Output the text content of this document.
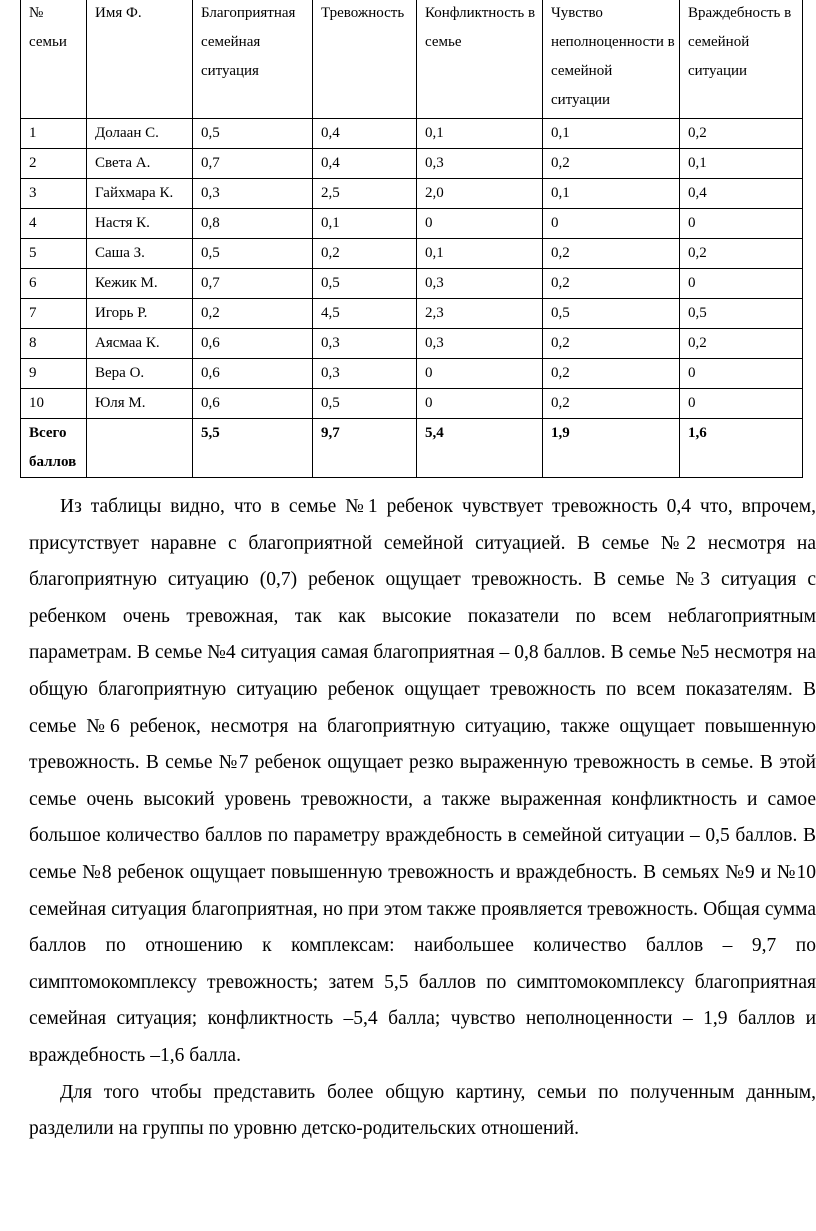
№ семьи	Имя Ф.	Благоприятная семейная ситуация	Тревожность	Конфликтность в семье	Чувство неполноценности в семейной ситуации	Враждебность в семейной ситуации
1	Долаан С.	0,5	0,4	0,1	0,1	0,2
2	Света А.	0,7	0,4	0,3	0,2	0,1
3	Гайхмара К.	0,3	2,5	2,0	0,1	0,4
4	Настя К.	0,8	0,1	0	0	0
5	Саша З.	0,5	0,2	0,1	0,2	0,2
6	Кежик М.	0,7	0,5	0,3	0,2	0
7	Игорь Р.	0,2	4,5	2,3	0,5	0,5
8	Аясмаа К.	0,6	0,3	0,3	0,2	0,2
9	Вера О.	0,6	0,3	0	0,2	0
10	Юля М.	0,6	0,5	0	0,2	0
Всего баллов		5,5	9,7	5,4	1,9	1,6

Из таблицы видно, что в семье №1 ребенок чувствует тревожность 0,4 что, впрочем, присутствует наравне с благоприятной семейной ситуацией. В семье №2 несмотря на благоприятную ситуацию (0,7) ребенок ощущает тревожность. В семье №3 ситуация с ребенком очень тревожная, так как высокие показатели по всем неблагоприятным параметрам. В семье №4 ситуация самая благоприятная – 0,8 баллов. В семье №5 несмотря на общую благоприятную ситуацию ребенок ощущает тревожность по всем показателям. В семье №6 ребенок, несмотря на благоприятную ситуацию, также ощущает повышенную тревожность. В семье №7 ребенок ощущает резко выраженную тревожность в семье. В этой семье очень высокий уровень тревожности, а также выраженная конфликтность и самое большое количество баллов по параметру враждебность в семейной ситуации – 0,5 баллов. В семье №8 ребенок ощущает повышенную тревожность и враждебность. В семьях №9 и №10 семейная ситуация благоприятная, но при этом также проявляется тревожность. Общая сумма баллов по отношению к комплексам: наибольшее количество баллов – 9,7 по симптомокомплексу тревожность; затем 5,5 баллов по симптомокомплексу благоприятная семейная ситуация; конфликтность –5,4 балла; чувство неполноценности – 1,9 баллов и враждебность –1,6 балла.

Для того чтобы представить более общую картину, семьи по полученным данным, разделили на группы по уровню детско-родительских отношений.
